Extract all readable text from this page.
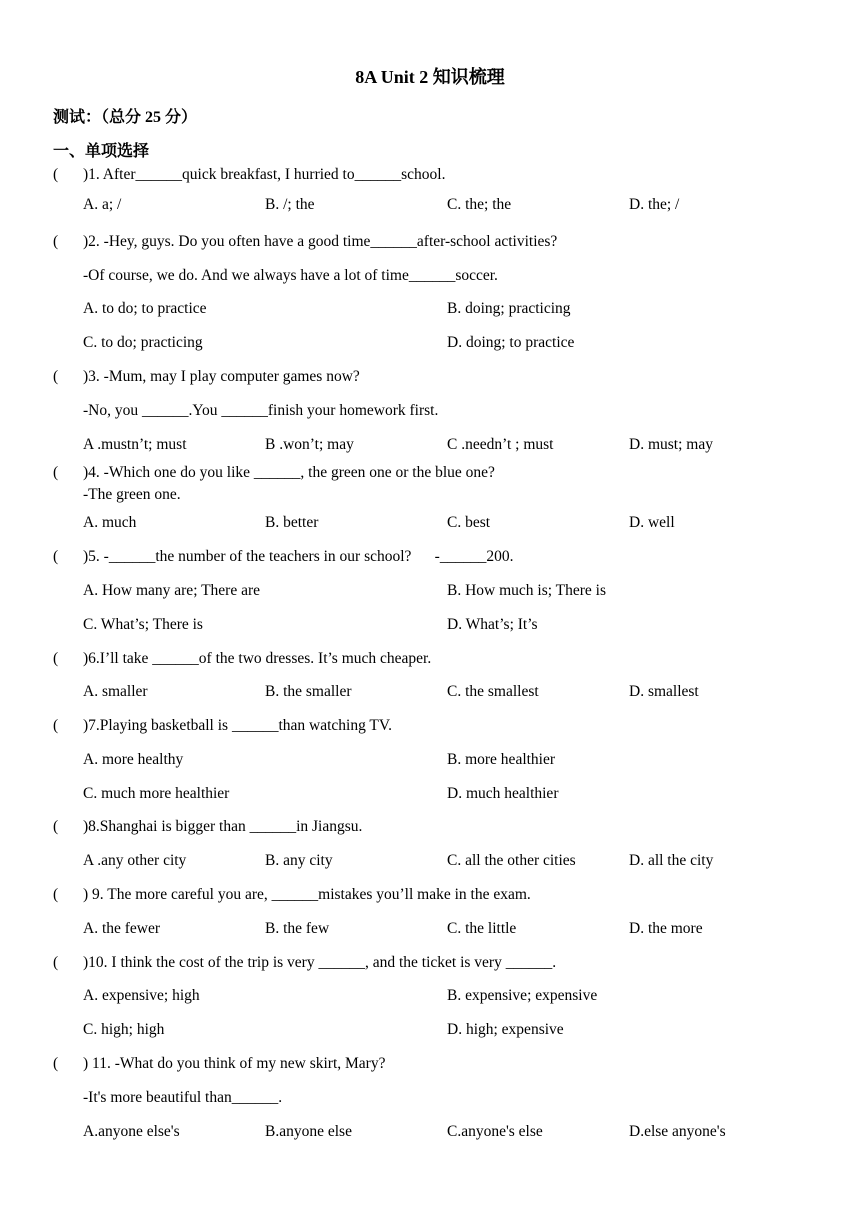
8A Unit 2 知识梳理
测试：（总分 25 分）
一、单项选择
( )1. After______quick breakfast, I hurried to______school.
A. a; /	B. /; the	C. the; the	D. the; /
( )2. -Hey, guys. Do you often have a good time______after-school activities?
-Of course, we do. And we always have a lot of time______soccer.
A. to do; to practice	B. doing; practicing
C. to do; practicing	D. doing; to practice
( )3. -Mum, may I play computer games now?
-No, you ______.You ______finish your homework first.
A .mustn’t; must	B .won’t; may	C .needn’t ; must	D. must; may
( )4. -Which one do you like ______, the green one or the blue one?
-The green one.
A. much	B. better	C. best	D. well
( )5. -______the number of the teachers in our school?      -______200.
A. How many are; There are	B. How much is; There is
C. What’s; There is	D. What’s; It’s
( )6.I’ll take ______of the two dresses. It’s much cheaper.
A. smaller	B. the smaller	C. the smallest	D. smallest
( )7.Playing basketball is ______than watching TV.
A. more healthy	B. more healthier
C. much more healthier	D. much healthier
( )8.Shanghai is bigger than ______in Jiangsu.
A .any other city	B. any city	C. all the other cities	D. all the city
( ) 9. The more careful you are, ______mistakes you’ll make in the exam.
A. the fewer	B. the few	C. the little	D. the more
( )10. I think the cost of the trip is very ______, and the ticket is very ______.
A. expensive; high	B. expensive; expensive
C. high; high	D. high; expensive
( ) 11. -What do you think of my new skirt, Mary?
-It's more beautiful than______.
A.anyone else's	B.anyone else	C.anyone's else	D.else anyone's
